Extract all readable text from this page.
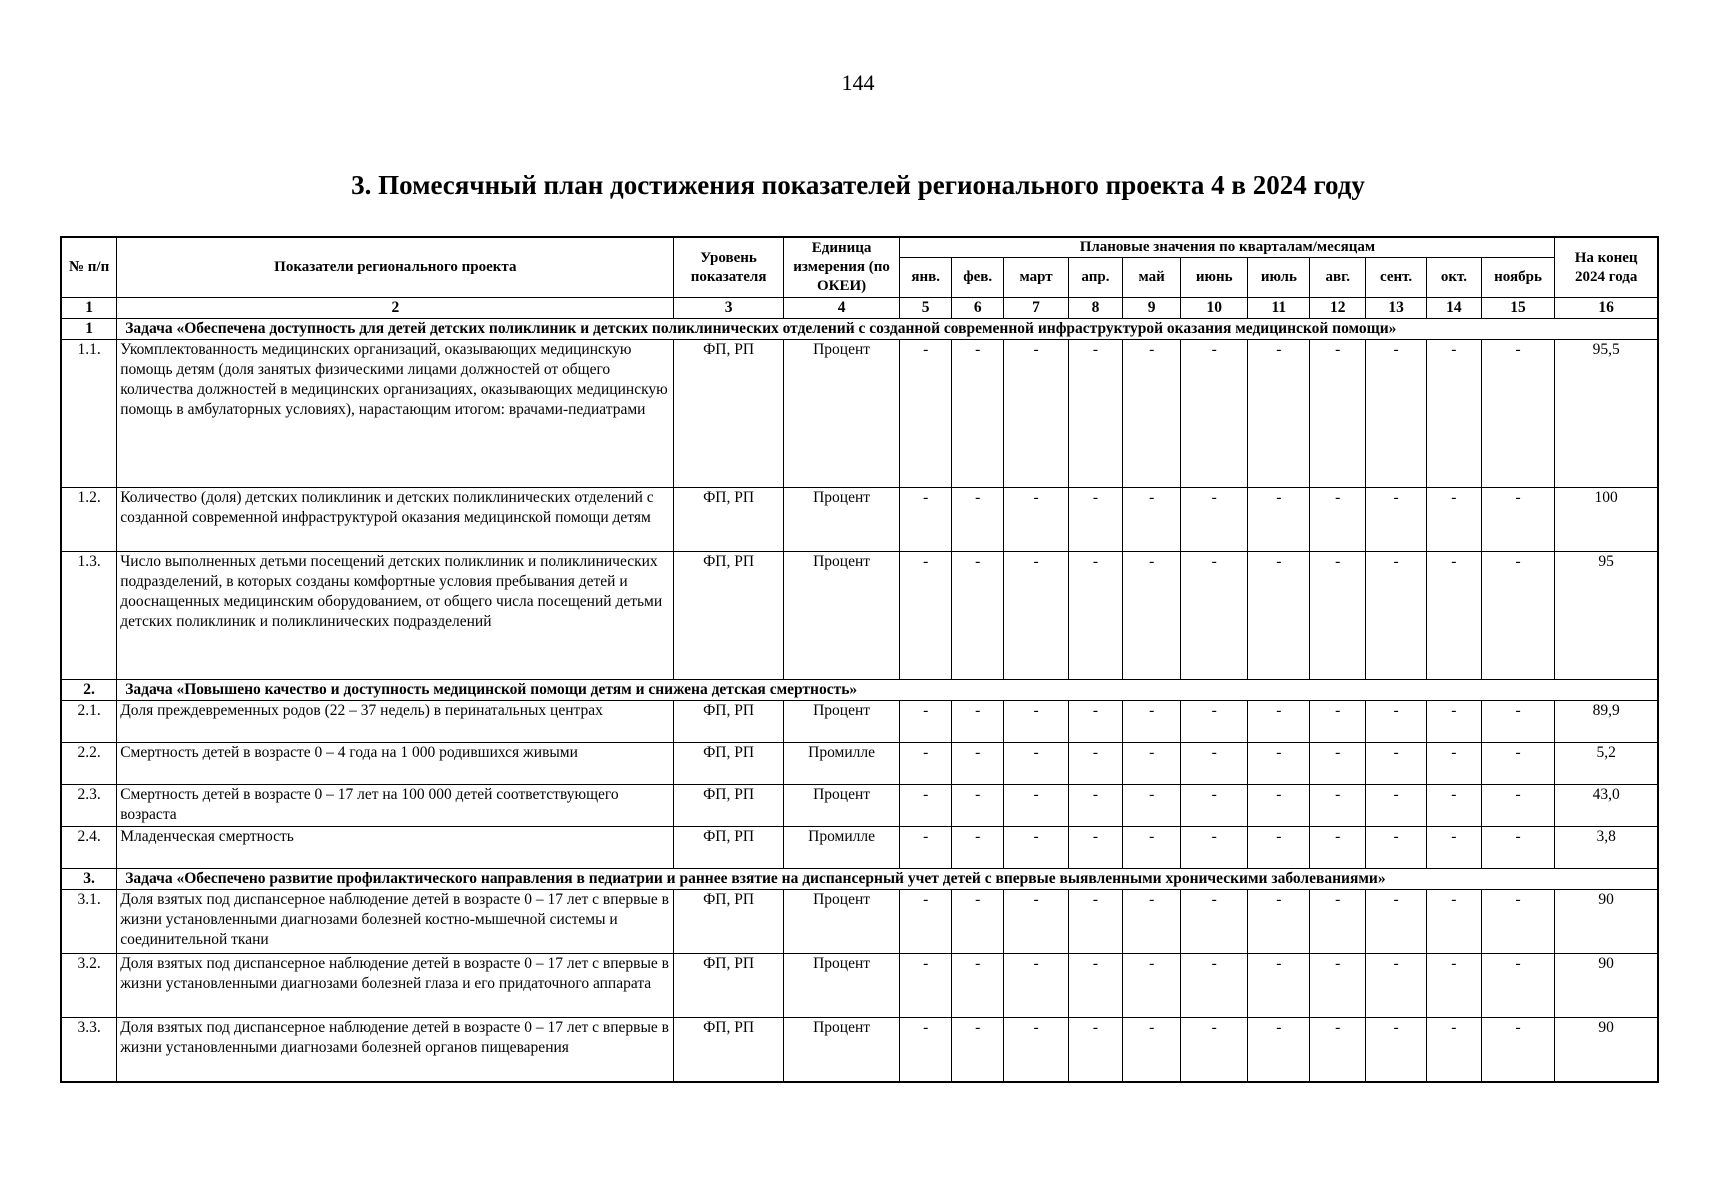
144
3. Помесячный план достижения показателей регионального проекта 4 в 2024 году
№ п/п	Показатели регионального проекта	Уровень показателя	Единица измерения (по ОКЕИ)	Плановые значения по кварталам/месяцам											На конец 2024 года
				янв.	фев.	март	апр.	май	июнь	июль	авг.	сент.	окт.	ноябрь	
1	2	3	4	5	6	7	8	9	10	11	12	13	14	15	16
1	Задача «Обеспечена доступность для детей детских поликлиник и детских поликлинических отделений с созданной современной инфраструктурой оказания медицинской помощи»														
1.1.	Укомплектованность медицинских организаций, оказывающих медицинскую помощь детям (доля занятых физическими лицами должностей от общего количества должностей в медицинских организациях, оказывающих медицинскую помощь в амбулаторных условиях), нарастающим итогом: врачами-педиатрами	ФП, РП	Процент	-	-	-	-	-	-	-	-	-	-	-	95,5
1.2.	Количество (доля) детских поликлиник и детских поликлинических отделений с созданной современной инфраструктурой оказания медицинской помощи детям	ФП, РП	Процент	-	-	-	-	-	-	-	-	-	-	-	100
1.3.	Число выполненных детьми посещений детских поликлиник и поликлинических подразделений, в которых созданы комфортные условия пребывания детей и дооснащенных медицинским оборудованием, от общего числа посещений детьми детских поликлиник и поликлинических подразделений	ФП, РП	Процент	-	-	-	-	-	-	-	-	-	-	-	95
2.	Задача «Повышено качество и доступность медицинской помощи детям и снижена детская смертность»														
2.1.	Доля преждевременных родов (22 – 37 недель) в перинатальных центрах	ФП, РП	Процент	-	-	-	-	-	-	-	-	-	-	-	89,9
2.2.	Смертность детей в возрасте 0 – 4 года на 1 000 родившихся живыми	ФП, РП	Промилле	-	-	-	-	-	-	-	-	-	-	-	5,2
2.3.	Смертность детей в возрасте 0 – 17 лет на 100 000 детей соответствующего возраста	ФП, РП	Процент	-	-	-	-	-	-	-	-	-	-	-	43,0
2.4.	Младенческая смертность	ФП, РП	Промилле	-	-	-	-	-	-	-	-	-	-	-	3,8
3.	Задача «Обеспечено развитие профилактического направления в педиатрии и раннее взятие на диспансерный учет детей с впервые выявленными хроническими заболеваниями»														
3.1.	Доля взятых под диспансерное наблюдение детей в возрасте 0 – 17 лет с впервые в жизни установленными диагнозами болезней костно-мышечной системы и соединительной ткани	ФП, РП	Процент	-	-	-	-	-	-	-	-	-	-	-	90
3.2.	Доля взятых под диспансерное наблюдение детей в возрасте 0 – 17 лет с впервые в жизни установленными диагнозами болезней глаза и его придаточного аппарата	ФП, РП	Процент	-	-	-	-	-	-	-	-	-	-	-	90
3.3.	Доля взятых под диспансерное наблюдение детей в возрасте 0 – 17 лет с впервые в жизни установленными диагнозами болезней органов пищеварения	ФП, РП	Процент	-	-	-	-	-	-	-	-	-	-	-	90
